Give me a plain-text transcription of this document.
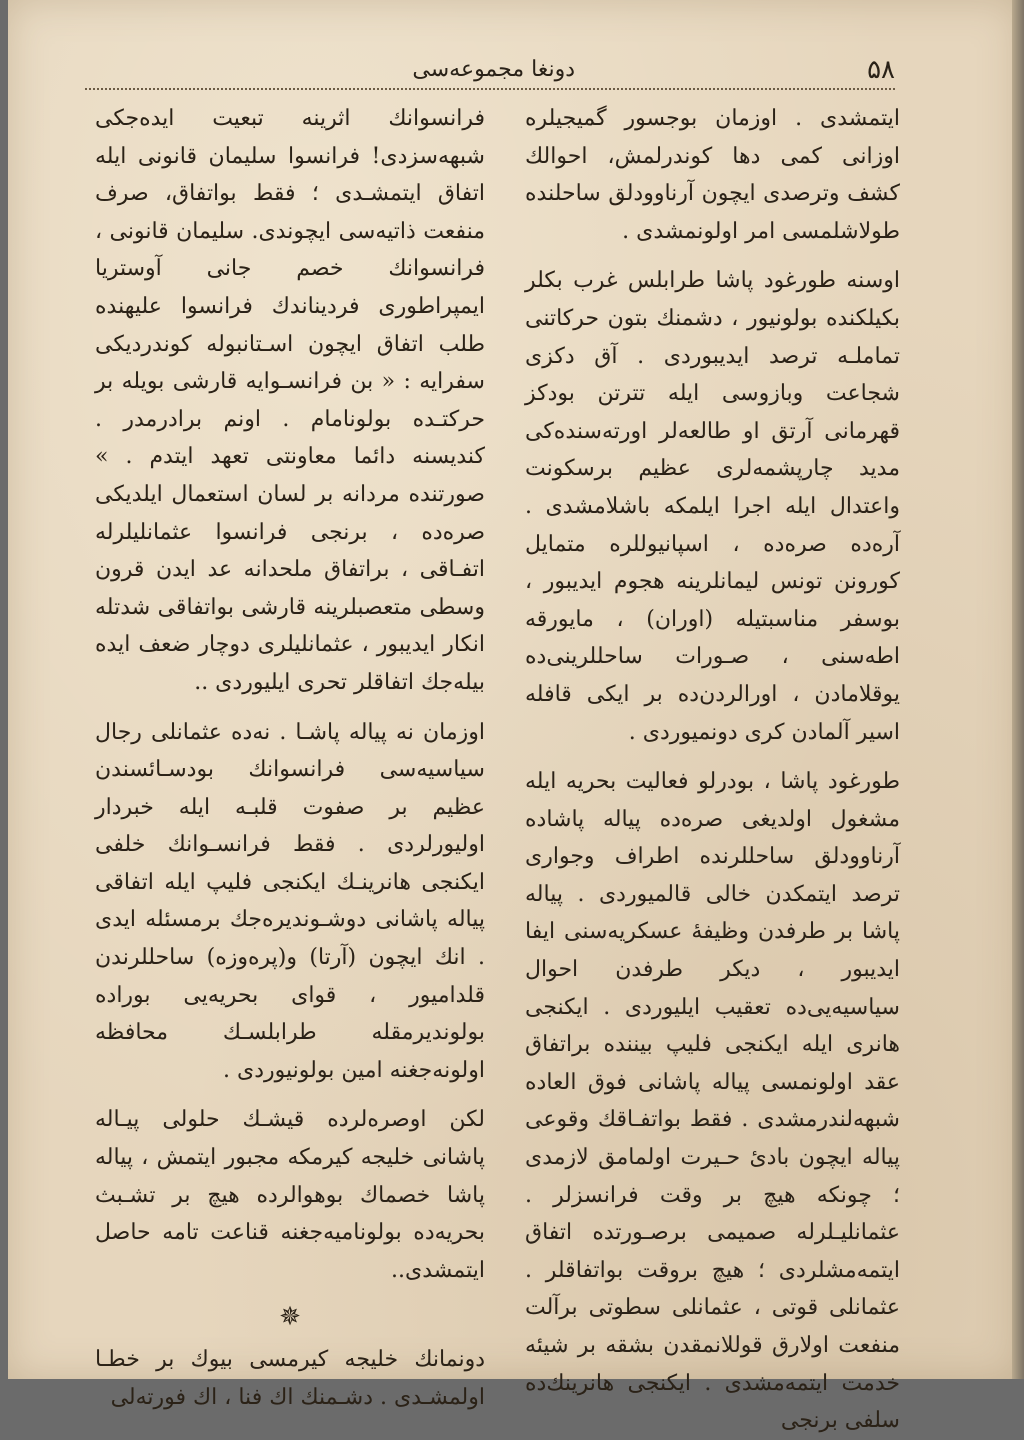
۵۸
دونغا مجموعه‌سی

ایتمشدی . اوزمان بوجسور گمیجیلره اوزانی کمی دها کوندرلمش، احوالك کشف وترصدی ایچون آرناوودلق ساحلنده طولاشلمسی امر اولونمشدی .

اوسنه طورغود پاشا طرابلس غرب بکلر بکیلکنده بولونیور ، دشمنك بتون حرکاتنی تماملـه ترصد ایدیبوردی . آق دکزی شجاعت وبازوسی ایله تترتن بودکز قهرمانی آرتق او طالعه‌لر اورته‌سنده‌کی مدید چارپشمه‌لری عظیم برسکونت واعتدال ایله اجرا ایلمکه باشلامشدی . آره‌ده صره‌ده ، اسپانیوللره متمایل کورونن تونس لیمانلرینه هجوم ایدیبور ، بوسفر مناسبتیله (اوران) ، مایورقه اطه‌سنی ، صـورات ساحللرینی‌ده یوقلامادن ، اورالردن‌ده بر ایکی قافله اسیر آلمادن کری دونمیوردی .

طورغود پاشا ، بودرلو فعالیت بحریه ایله مشغول اولدیغی صره‌ده پیاله پاشاده آرناوودلق ساحللرنده اطراف وجواری ترصد ایتمکدن خالی قالمیوردی . پیاله پاشا بر طرفدن وظیفهٔ عسکریه‌سنی ایفا ایدیبور ، دیکر طرفدن احوال سیاسیه‌یی‌ده تعقیب ایلیوردی . ایکنجی هانری ایله ایکنجی فلیپ بیننده براتفاق عقد اولونمسی پیاله پاشانی فوق العاده شبهه‌لندرمشدی . فقط بواتفـاقك وقوعی پیاله ایچون بادیٔ حـیرت اولمامق لازمدی ؛ چونکه هیچ بر وقت فرانسزلر . عثمانلیـلرله صمیمی برصـورتده اتفاق ایتمه‌مشلردی ؛ هیچ بروقت بواتفاقلر . عثمانلی قوتی ، عثمانلی سطوتی برآلت منفعت اولارق قوللانمقدن بشقه بر شیئه خدمت ایتمه‌مشدی . ایکنجی هانرینك‌ده سلفی برنجی

فرانسوانك اثرینه تبعیت ایده‌جکی شبهه‌سزدی! فرانسوا سلیمان قانونی ایله اتفاق ایتمشـدی ؛ فقط بواتفاق، صرف منفعت ذاتیه‌سی ایچوندی. سلیمان قانونی ، فرانسوانك خصم جانی آوستریا ایمپراطوری فردیناندك فرانسوا علیهنده طلب اتفاق ایچون اسـتانبوله کوندردیکی سفرایه : « بن فرانسـوایه قارشی بویله بر حرکتـده بولونامام . اونم برادرمدر . کندیسنه دائما معاونتی تعهد ایتدم . » صورتنده مردانه بر لسان استعمال ایلدیکی صره‌ده ، برنجی فرانسوا عثمانلیلرله اتفـاقی ، براتفاق ملحدانه عد ایدن قرون وسطی متعصبلرینه قارشی بواتفاقی شدتله انکار ایدیبور ، عثمانلیلری دوچار ضعف ایده بیله‌جك اتفاقلر تحری ایلیوردی ..

اوزمان نه پیاله پاشـا . نه‌ده عثمانلی رجال سیاسیه‌سی فرانسوانك بودسـائسندن عظیم بر صفوت قلبـه ایله خبردار اولیورلردی . فقط فرانسـوانك خلفی ایکنجی هانرینـك ایکنجی فلیپ ایله اتفاقی پیاله پاشانی دوشـوندیره‌جك برمسئله ایدی . انك ایچون (آرتا) و(پره‌وزه) ساحللرندن قلدامیور ، قوای بحریه‌یی بوراده بولوندیرمقله طرابلسـك محافظه اولونه‌جغنه امین بولونیوردی .

لکن اوصره‌لرده قیشـك حلولی پیـاله پاشانی خلیجه کیرمکه مجبور ایتمش ، پیاله پاشا خصماك بوهوالرده هیچ بر تشـبث بحریه‌ده بولونامیه‌جغنه قناعت تامه حاصل ایتمشدی..

✵

دونمانك خلیجه کیرمسی بیوك بر خطـا اولمشـدی . دشـمنك اك فنا ، اك فورته‌لی
